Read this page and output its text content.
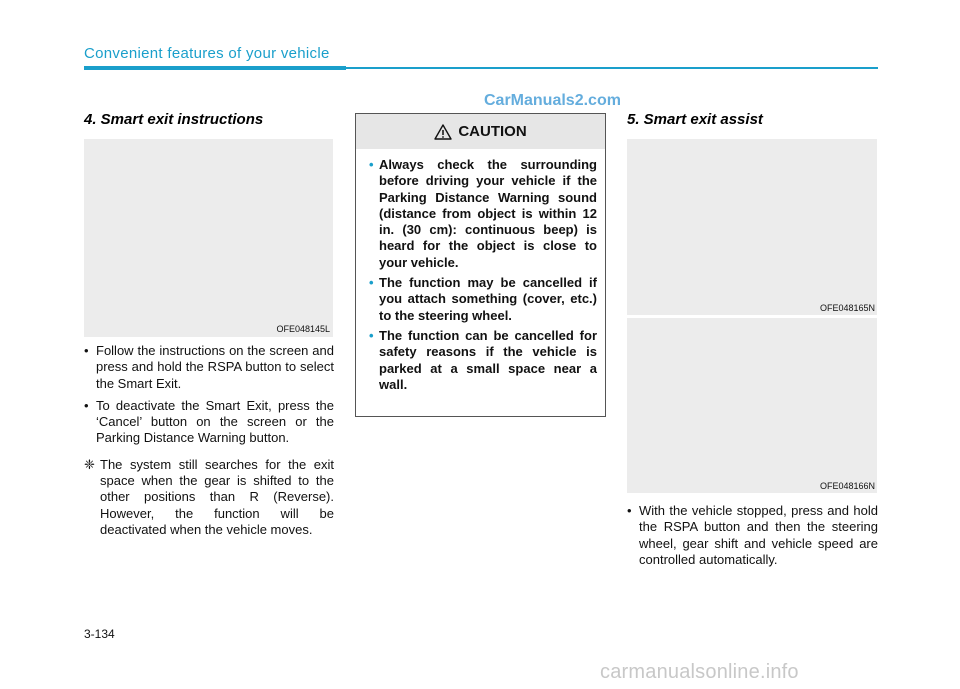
Convenient features of your vehicle
CarManuals2.com
4. Smart exit instructions
OFE048145L
• Follow the instructions on the screen and press and hold the RSPA button to select the Smart Exit.
• To deactivate the Smart Exit, press the ‘Cancel’ button on the screen or the Parking Distance Warning button.
❈ The system still searches for the exit space when the gear is shifted to the other positions than R (Reverse). However, the function will be deactivated when the vehicle moves.
CAUTION
• Always check the surrounding before driving your vehicle if the Parking Distance Warning sound (distance from object is within 12 in. (30 cm): continuous beep) is heard for the object is close to your vehicle.
• The function may be cancelled if you attach something (cover, etc.) to the steering wheel.
• The function can be cancelled for safety reasons if the vehicle is parked at a small space near a wall.
5. Smart exit assist
OFE048165N
OFE048166N
• With the vehicle stopped, press and hold the RSPA button and then the steering wheel, gear shift and vehicle speed are controlled automatically.
3-134
carmanualsonline.info
